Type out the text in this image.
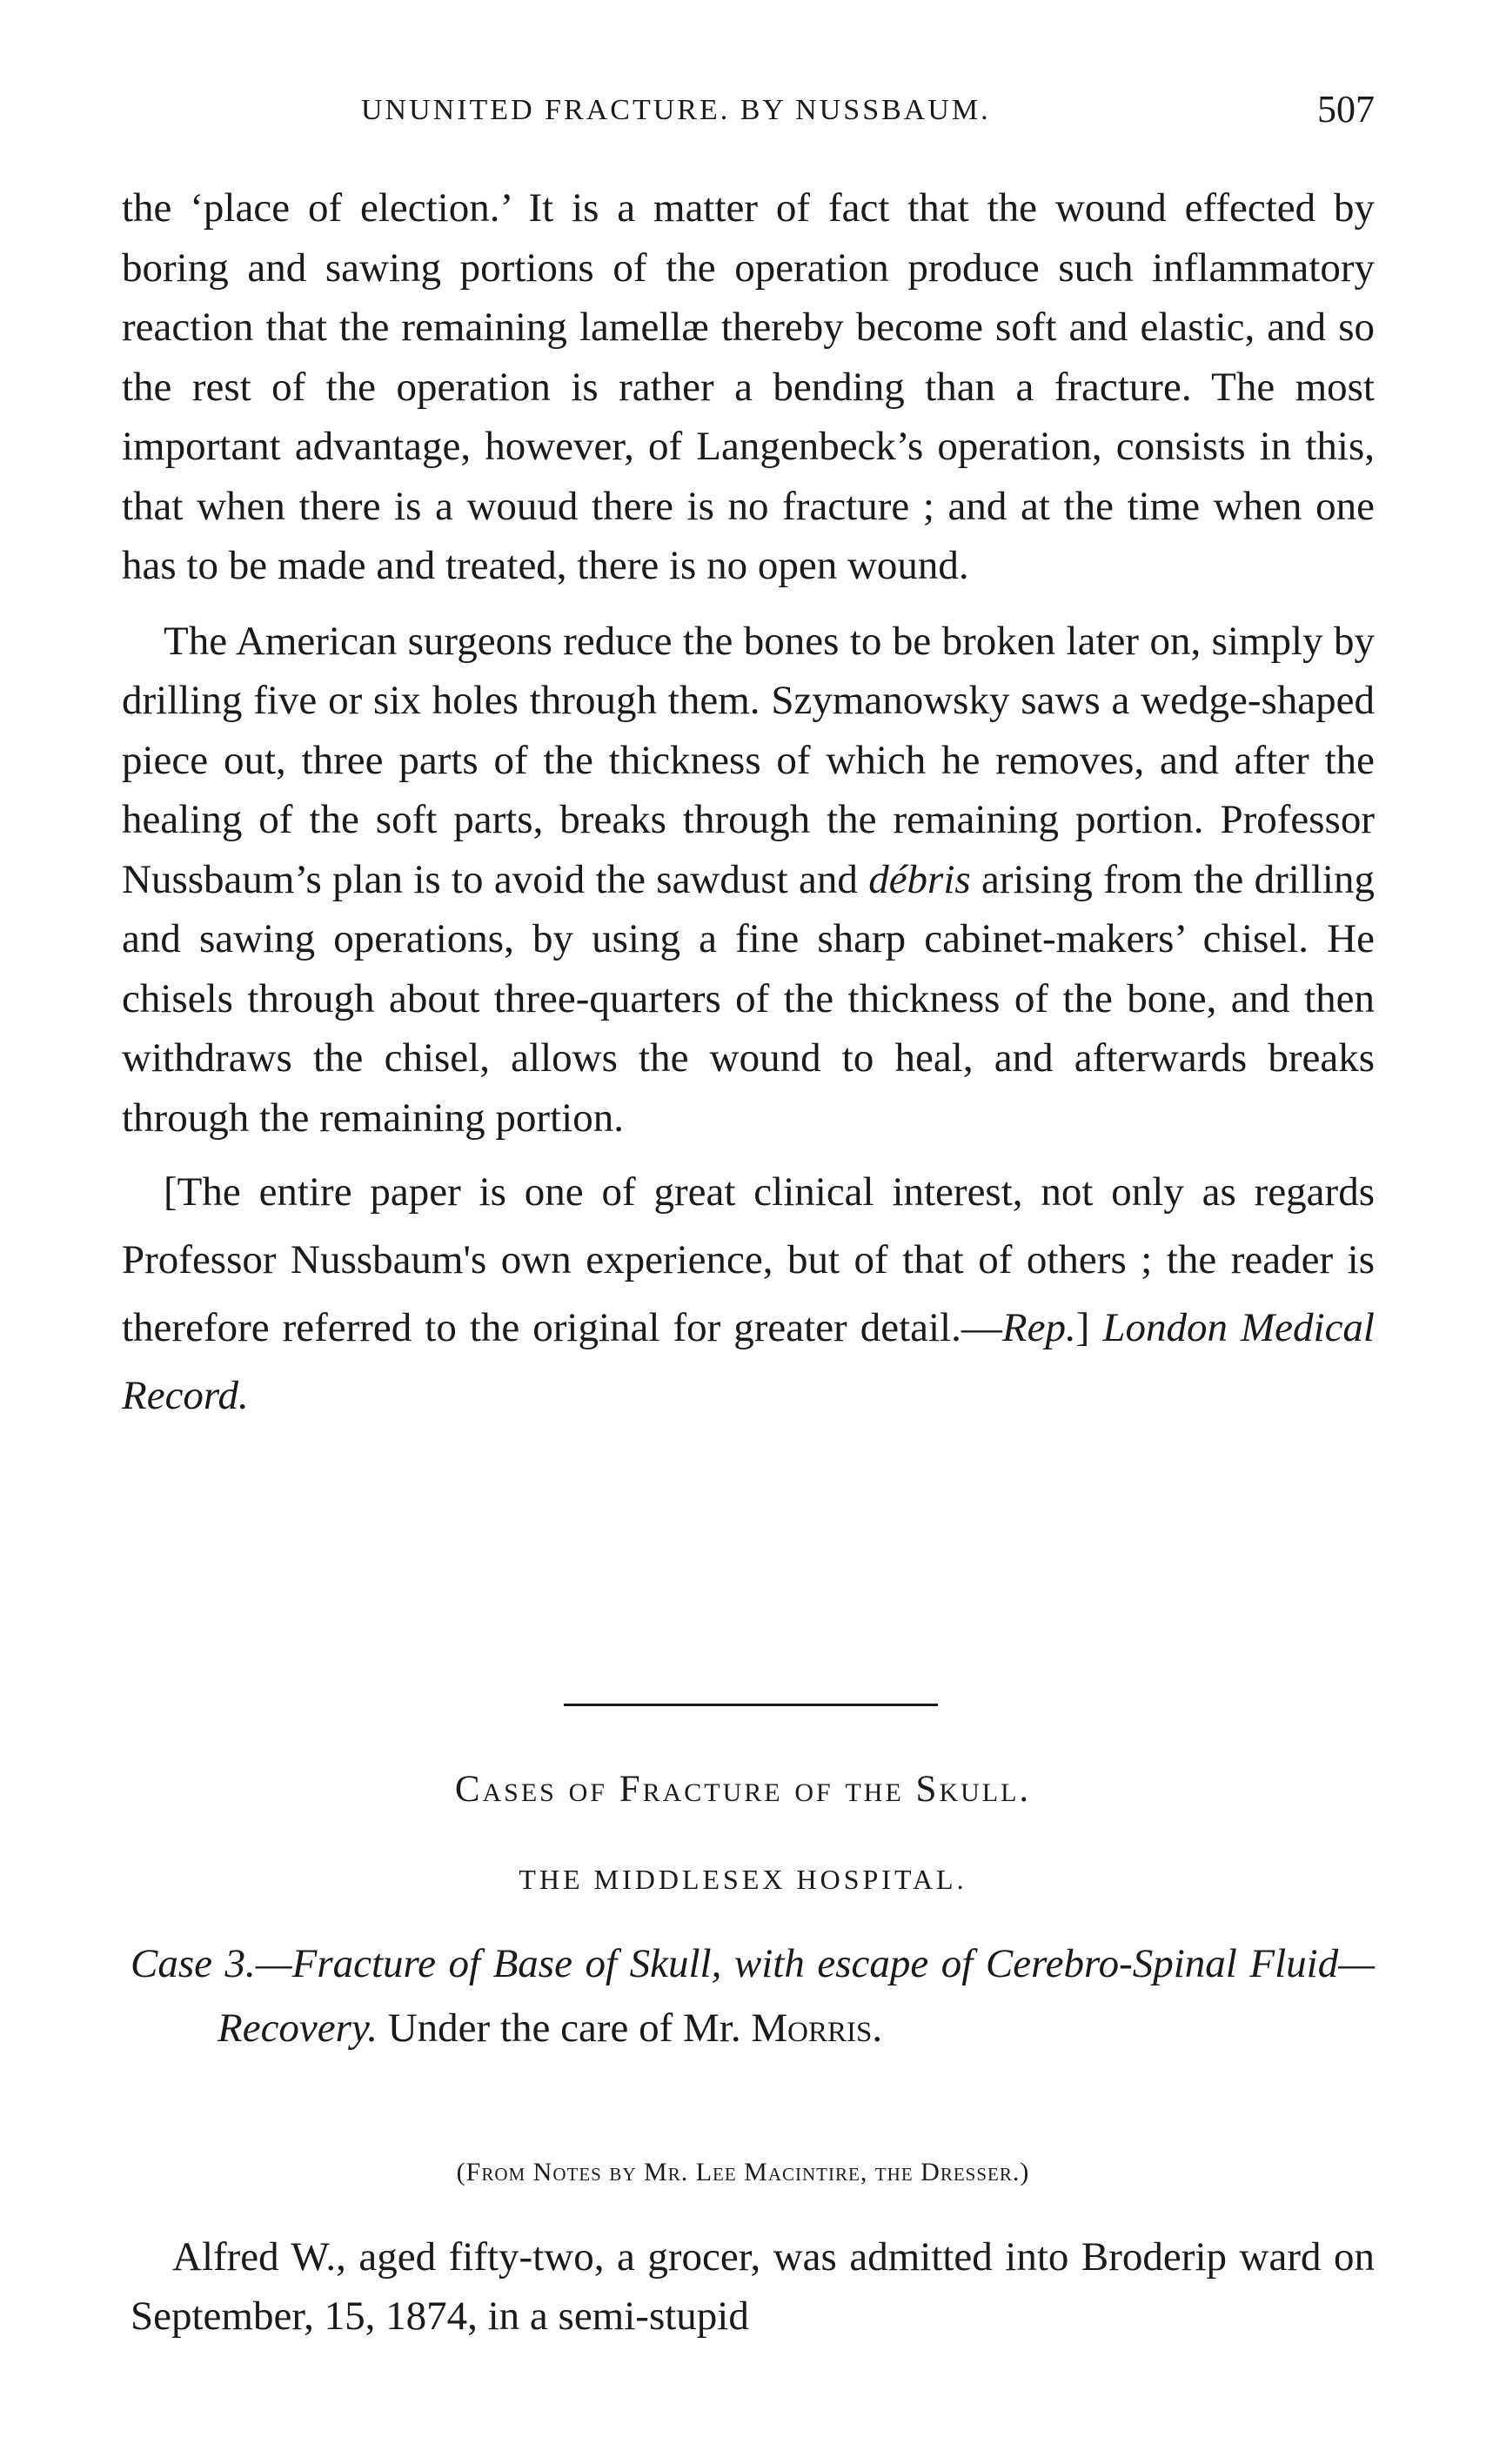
UNUNITED FRACTURE. BY NUSSBAUM.	507

the ‘place of election.’ It is a matter of fact that the wound effected by boring and sawing portions of the operation produce such inflammatory reaction that the remaining lamellæ thereby become soft and elastic, and so the rest of the operation is rather a bending than a fracture. The most important advantage, however, of Langenbeck’s operation, consists in this, that when there is a wouud there is no fracture ; and at the time when one has to be made and treated, there is no open wound.

The American surgeons reduce the bones to be broken later on, simply by drilling five or six holes through them. Szymanowsky saws a wedge-shaped piece out, three parts of the thickness of which he removes, and after the healing of the soft parts, breaks through the remaining portion. Professor Nussbaum’s plan is to avoid the sawdust and débris arising from the drilling and sawing operations, by using a fine sharp cabinet-makers’ chisel. He chisels through about three-quarters of the thickness of the bone, and then withdraws the chisel, allows the wound to heal, and afterwards breaks through the remaining portion.

[The entire paper is one of great clinical interest, not only as regards Professor Nussbaum's own experience, but of that of others ; the reader is therefore referred to the original for greater detail.—Rep.] London Medical Record.

Cases of Fracture of the Skull.
THE MIDDLESEX HOSPITAL.
Case 3.—Fracture of Base of Skull, with escape of Cerebro-Spinal Fluid—Recovery. Under the care of Mr. Morris.
(From Notes by Mr. Lee Macintire, the Dresser.)

Alfred W., aged fifty-two, a grocer, was admitted into Broderip ward on September, 15, 1874, in a semi-stupid
